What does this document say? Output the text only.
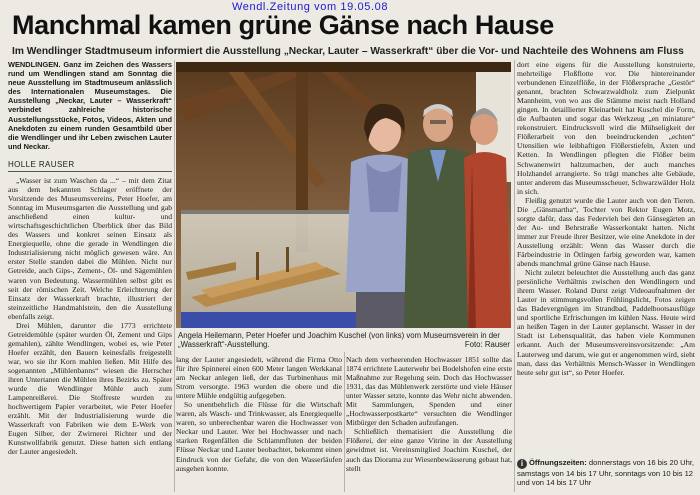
Wendl.Zeitung vom 19.05.08
Manchmal kamen grüne Gänse nach Hause
Im Wendlinger Stadtmuseum informiert die Ausstellung „Neckar, Lauter – Wasserkraft“ über die Vor- und Nachteile des Wohnens am Fluss
WENDLINGEN. Ganz im Zeichen des Wassers rund um Wendlingen stand am Sonntag die neue Ausstellung im Stadtmuseum anlässlich des Internationalen Museumstages. Die Ausstellung „Neckar, Lauter – Wasserkraft“ verbindet zahlreiche historische Ausstellungsstücke, Fotos, Videos, Akten und Anekdoten zu einem runden Gesamtbild über die Wendlinger und ihr Leben zwischen Lauter und Neckar.
HOLLE RAUSER

„Wasser ist zum Waschen da ...“ – mit dem Zitat aus dem bekannten Schlager eröffnete der Vorsitzende des Museumsvereins, Peter Hoefer, am Sonntag im Museumsgarten die Ausstellung und gab anschließend einen kultur- und wirtschaftsgeschichtlichen Überblick über das Bild des Wassers und konkret seinen Einsatz als Energiequelle, ohne die gerade in Wendlingen die Industrialisierung nicht möglich gewesen wäre. An erster Stelle standen dabei die Mühlen. Nicht nur Getreide, auch Gips-, Zement-, Öl- und Sägemühlen waren von Bedeutung. Wassermühlen selbst gibt es seit der römischen Zeit. Welche Erleichterung der Einsatz der Wasserkraft brachte, illustriert der steinzeitliche Handmahlstein, den die Ausstellung ebenfalls zeigt.

Drei Mühlen, darunter die 1773 errichtete Getreidemühle (später wurden Öl, Zement und Gips gemahlen), zählte Wendlingen, wobei es, wie Peter Hoefer erzählt, den Bauern keinesfalls freigestellt war, wo sie ihr Korn mahlen ließen. Mit Hilfe des sogenannten „Mühlenbanns“ wiesen die Herrscher ihren Untertanen die Mühlen ihres Bezirks zu. Später wurde die Wendlinger Mühle auch zum Lampenreißerei. Die Stoffreste wurden zu hochwertigem Papier verarbeitet, wie Peter Hoefer erzählt. Mit der Industrialisierung wurde die Wasserkraft von Fabriken wie dem E-Werk von Eugen Silber, der Zwirnerei Richter und der Kunstwollfabrik genutzt. Diese hatten sich entlang der Lauter angesiedelt.

Angela Heilemann, Peter Hoefer und Joachim Kuschel (von links) vom Museumsverein in der „Wasserkraft“-Ausstellung.	Foto: Rauser

lang der Lauter angesiedelt, während die Firma Otto für ihre Spinnerei einen 600 Meter langen Werkkanal am Neckar anlegen ließ, der das Turbinenhaus mit Strom versorgte. 1963 wurden die obere und die untere Mühle endgültig aufgegeben.

So unentbehrlich die Flüsse für die Wirtschaft waren, als Wasch- und Trinkwasser, als Energiequelle waren, so unberechenbar waren die Hochwasser von Neckar und Lauter. Wer bei Hochwasser und nach starken Regenfällen die Schlammfluten der beiden Flüsse Neckar und Lauter beobachtet, bekommt einen Eindruck von der Gefahr, die von den Wasserläufen ausgehen konnte.

Nach dem verheerenden Hochwasser 1851 sollte das 1874 errichtete Lauterwehr bei Bodelshofen eine erste Maßnahme zur Regelung sein. Doch das Hochwasser 1931, das das Mühlenwerk zerstörte und viele Häuser unter Wasser setzte, konnte das Wehr nicht abwenden. Mit Sammlungen, Spenden und einer „Hochwasserpostkarte“ versuchten die Wendlinger Mitbürger den Schaden aufzufangen.

Schließlich thematisiert die Ausstellung die Flößerei, der eine ganze Vitrine in der Ausstellung gewidmet ist. Vereinsmitglied Joachim Kuschel, der auch das Diorama zur Wiesenbewässerung gebaut hat, stellt

dort eine eigens für die Ausstellung konstruierte, mehrteilige Floßflotte vor. Die hintereinander verbundenen Einzelflöße, in der Flößersprache „Gestör“ genannt, brachten Schwarzwaldholz zum Zielpunkt Mannheim, von wo aus die Stämme meist nach Holland gingen. In detaillierter Kleinarbeit hat Kuschel die Form, die Aufbauten und sogar das Werkzeug „en miniature“ rekonstruiert. Eindrucksvoll wird die Mühseligkeit der Flößerarbeit von den beeindruckenden „echten“ Utensilien wie leibhaftigen Flößerstiefeln, Äxten und Ketten. In Wendlingen pflegten die Flößer beim Schwanenwirt haltzumachen, der auch manches Holzhandel arrangierte. So trägt manches alte Gebäude, unter anderem das Museumsscheuer, Schwarzwälder Holz in sich.

Fleißig genutzt wurde die Lauter auch von den Tieren. Die „Gänsmartha“, Tochter von Rektor Eugen Motz, sorgte dafür, dass das Federvieh bei den Gänsegärten an der Au- und Behrstraße Wasserkontakt hatten. Nicht immer zur Freude ihrer Besitzer, wie eine Anekdote in der Ausstellung erzählt: Wenn das Wasser durch die Färbeindustrie in Ötlingen farbig geworden war, kamen abends manchmal grüne Gänse nach Hause.

Nicht zuletzt beleuchtet die Ausstellung auch das ganz persönliche Verhältnis zwischen den Wendlingern und ihrem Wasser. Roland Durst zeigt Videoaufnahmen der Lauter in stimmungsvollen Frühlingslicht, Fotos zeigen das Badevergnügen im Strandbad, Paddelbootsausflüge und sportliche Erfrischungen im kühlen Nass. Heute wird an heißen Tagen in der Lauter geplanscht. Wasser in der Stadt ist Lebensqualität, das haben viele Kommunen erkannt. Auch der Museumsvereinsvorsitzende: „Am Lauterweg und darum, wie gut er angenommen wird, sieht man, dass das Verhältnis Mensch-Wasser in Wendlingen heute sehr gut ist“, so Peter Hoefer.

i Öffnungszeiten: donnerstags von 16 bis 20 Uhr, samstags von 14 bis 17 Uhr, sonntags von 10 bis 12 und von 14 bis 17 Uhr
